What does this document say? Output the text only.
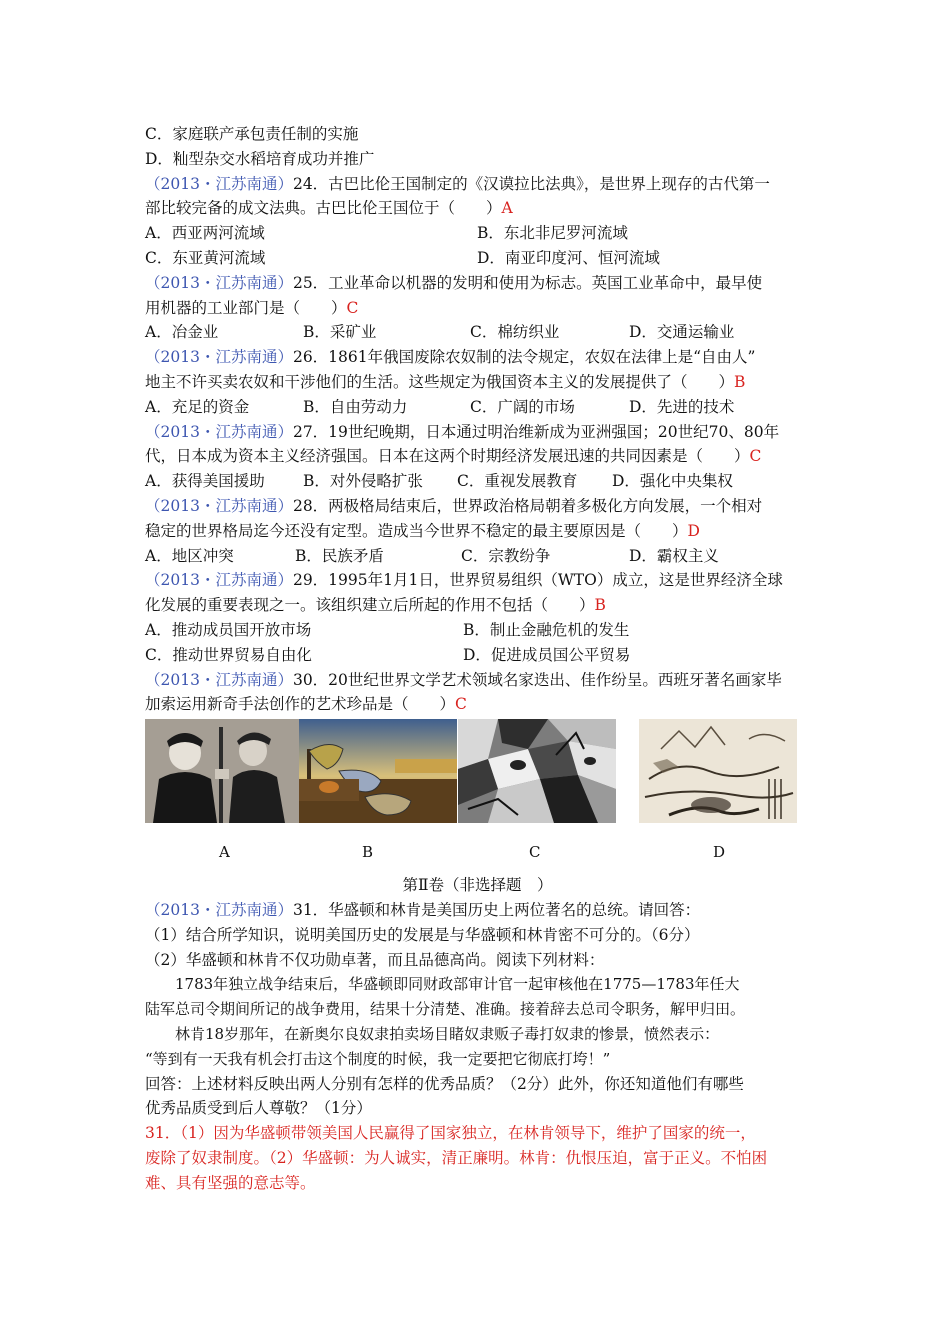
C．家庭联产承包责任制的实施
D．籼型杂交水稻培育成功并推广
（2013・江苏南通）24．古巴比伦王国制定的《汉谟拉比法典》，是世界上现存的古代第一
部比较完备的成文法典。古巴比伦王国位于（　　）A
A．西亚两河流域	B．东北非尼罗河流域
C．东亚黄河流域	D．南亚印度河、恒河流域
（2013・江苏南通）25．工业革命以机器的发明和使用为标志。英国工业革命中，最早使
用机器的工业部门是（　　）C
A．冶金业	B．采矿业	C．棉纺织业	D．交通运输业
（2013・江苏南通）26．1861年俄国废除农奴制的法令规定，农奴在法律上是“自由人”
地主不许买卖农奴和干涉他们的生活。这些规定为俄国资本主义的发展提供了（　　）B
A．充足的资金	B．自由劳动力	C．广阔的市场	D．先进的技术
（2013・江苏南通）27．19世纪晚期，日本通过明治维新成为亚洲强国；20世纪70、80年
代，日本成为资本主义经济强国。日本在这两个时期经济发展迅速的共同因素是（　　）C
A．获得美国援助 B．对外侵略扩张 C．重视发展教育 D．强化中央集权
（2013・江苏南通）28．两极格局结束后，世界政治格局朝着多极化方向发展，一个相对
稳定的世界格局迄今还没有定型。造成当今世界不稳定的最主要原因是（　　）D
A．地区冲突	B．民族矛盾	C．宗教纷争	D．霸权主义
（2013・江苏南通）29．1995年1月1日，世界贸易组织（WTO）成立，这是世界经济全球
化发展的重要表现之一。该组织建立后所起的作用不包括（　　）B
A．推动成员国开放市场	B．制止金融危机的发生
C．推动世界贸易自由化	D．促进成员国公平贸易
（2013・江苏南通）30．20世纪世界文学艺术领域名家迭出、佳作纷呈。西班牙著名画家毕
加索运用新奇手法创作的艺术珍品是（　　）C
A	B	C	D
第Ⅱ卷（非选择题　）
（2013・江苏南通）31．华盛顿和林肯是美国历史上两位著名的总统。请回答：
（1）结合所学知识，说明美国历史的发展是与华盛顿和林肯密不可分的。（6分）
（2）华盛顿和林肯不仅功勋卓著，而且品德高尚。阅读下列材料：
1783年独立战争结束后，华盛顿即同财政部审计官一起审核他在1775—1783年任大
陆军总司令期间所记的战争费用，结果十分清楚、准确。接着辞去总司令职务，解甲归田。
林肯18岁那年，在新奥尔良奴隶拍卖场目睹奴隶贩子毒打奴隶的惨景，愤然表示：
“等到有一天我有机会打击这个制度的时候，我一定要把它彻底打垮！”
回答：上述材料反映出两人分别有怎样的优秀品质？（2分）此外，你还知道他们有哪些
优秀品质受到后人尊敬？（1分）
31．（1）因为华盛顿带领美国人民赢得了国家独立，在林肯领导下，维护了国家的统一，
废除了奴隶制度。（2）华盛顿：为人诚实，清正廉明。林肯：仇恨压迫，富于正义。不怕困
难、具有坚强的意志等。
